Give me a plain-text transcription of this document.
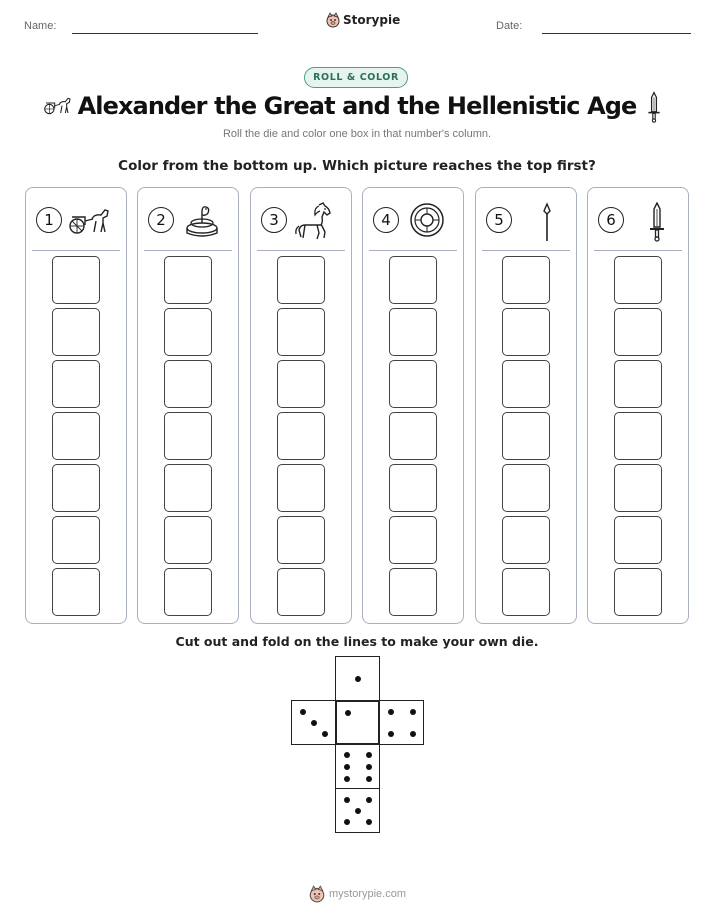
Name:	Storypie	Date:
ROLL & COLOR
Alexander the Great and the Hellenistic Age
Roll the die and color one box in that number's column.
Color from the bottom up. Which picture reaches the top first?
1	2	3	4	5	6
Cut out and fold on the lines to make your own die.
mystorypie.com
